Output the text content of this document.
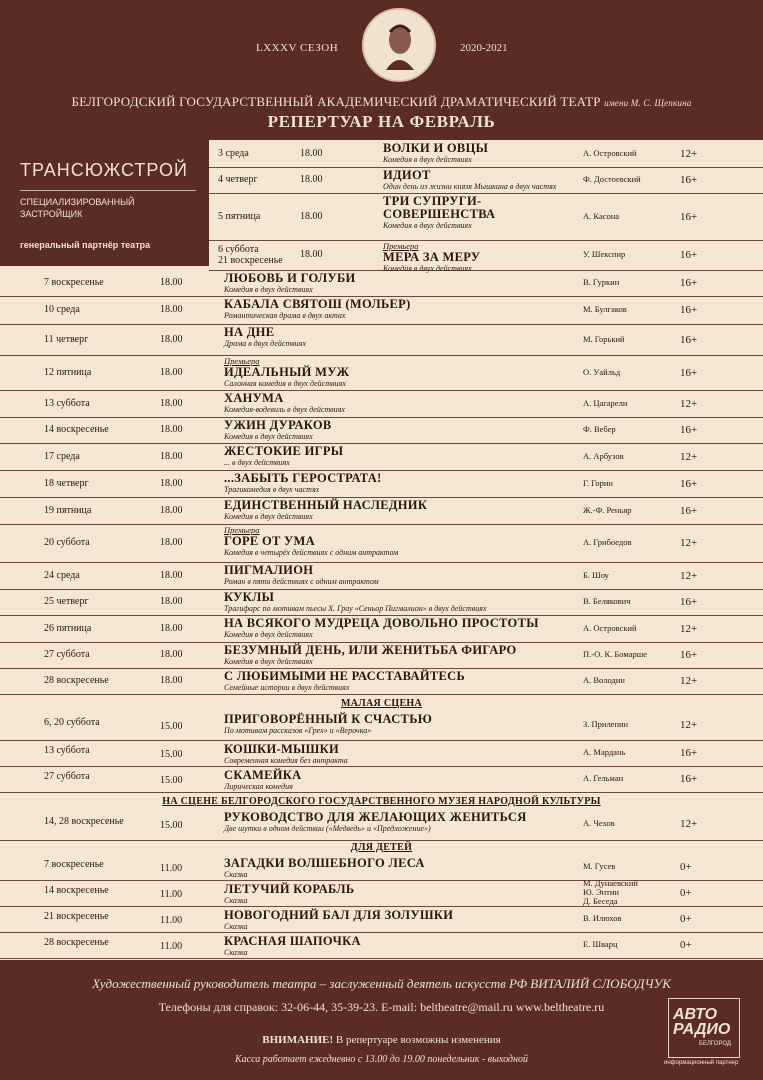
LXXXV СЕЗОН	2020-2021
БЕЛГОРОДСКИЙ ГОСУДАРСТВЕННЫЙ АКАДЕМИЧЕСКИЙ ДРАМАТИЧЕСКИЙ ТЕАТР имени М. С. Щепкина
РЕПЕРТУАР НА ФЕВРАЛЬ
ТРАНСЮЖСТРОЙ
СПЕЦИАЛИЗИРОВАННЫЙ
ЗАСТРОЙЩИК
генеральный партнёр театра
3 среда	18.00	ВОЛКИ И ОВЦЫ
Комедия в двух действиях
А. Островский	12+
4 четверг	18.00	ИДИОТ
Один день из жизни князя Мышкина в двух частях
Ф. Достоевский	16+
5 пятница	18.00
ТРИ СУПРУГИ-СОВЕРШЕНСТВА
Комедия в двух действиях
А. Касона	16+
6 суббота
21 воскресенье
18.00
Премьера
МЕРА ЗА МЕРУ
Комедия в двух действиях
У. Шекспир	16+
7 воскресенье	18.00	ЛЮБОВЬ И ГОЛУБИ
Комедия в двух действиях
В. Гуркин	16+
10 среда	18.00	КАБАЛА СВЯТОШ (МОЛЬЕР)
Романтическая драма в двух актах
М. Булгаков	16+
11 четверг	18.00	НА ДНЕ
Драма в двух действиях	М. Горький	16+
12 пятница	18.00
Премьера
ИДЕАЛЬНЫЙ МУЖ
Салонная комедия в двух действиях
О. Уайльд	16+
13 суббота	18.00	ХАНУМА
Комедия-водевиль в двух действиях
А. Цагарели	12+
14 воскресенье	18.00	УЖИН ДУРАКОВ
Комедия в двух действиях
Ф. Вебер	16+
17 среда	18.00	ЖЕСТОКИЕ ИГРЫ
... в двух действиях
А. Арбузов	12+
18 четверг	18.00	...ЗАБЫТЬ ГЕРОСТРАТА!
Трагикомедия в двух частях
Г. Горин	16+
19 пятница	18.00	ЕДИНСТВЕННЫЙ НАСЛЕДНИК
Комедия в двух действиях
Ж.-Ф. Реньяр	16+
20 суббота	18.00
Премьера
ГОРЕ ОТ УМА
Комедия в четырёх действиях с одним антрактом
А. Грибоедов	12+
24 среда	18.00	ПИГМАЛИОН
Роман в пяти действиях с одним антрактом
Б. Шоу	12+
25 четверг	18.00	КУКЛЫ
Трагифарс по мотивам пьесы Х. Грау «Сеньор Пигмалион» в двух действиях
В. Белякович	16+
26 пятница	18.00	НА ВСЯКОГО МУДРЕЦА ДОВОЛЬНО ПРОСТОТЫ
Комедия в двух действиях
А. Островский	12+
27 суббота	18.00	БЕЗУМНЫЙ ДЕНЬ, ИЛИ ЖЕНИТЬБА ФИГАРО
Комедия в двух действиях
П.-О. К. Бомарше	16+
28 воскресенье	18.00	С ЛЮБИМЫМИ НЕ РАССТАВАЙТЕСЬ
Семейные истории в двух действиях
А. Володин	12+
МАЛАЯ СЦЕНА
6, 20 суббота	15.00
ПРИГОВОРЁННЫЙ К СЧАСТЬЮ
По мотивам рассказов «Грех» и «Верочка»
З. Прилепин	12+
13 суббота	15.00	КОШКИ-МЫШКИ
Современная комедия без антракта
А. Мардань	16+
27 суббота	15.00	СКАМЕЙКА
Лирическая комедия
А. Гельман	16+
НА СЦЕНЕ БЕЛГОРОДСКОГО ГОСУДАРСТВЕННОГО МУЗЕЯ НАРОДНОЙ КУЛЬТУРЫ
14, 28 воскресенье	15.00
РУКОВОДСТВО ДЛЯ ЖЕЛАЮЩИХ ЖЕНИТЬСЯ
Две шутки в одном действии («Медведь» и «Предложение»)
А. Чехов	12+
ДЛЯ ДЕТЕЙ
7 воскресенье	11.00	ЗАГАДКИ ВОЛШЕБНОГО ЛЕСА
Сказка
М. Гусев	0+
14 воскресенье	11.00	ЛЕТУЧИЙ КОРАБЛЬ
Сказка
М. Дунаевский
Ю. Энтин
Д. Беседа
0+
21 воскресенье	11.00	НОВОГОДНИЙ БАЛ ДЛЯ ЗОЛУШКИ
Сказка
В. Илюхов	0+
28 воскресенье	11.00	КРАСНАЯ ШАПОЧКА
Сказка
Е. Шварц	0+
Художественный руководитель театра – заслуженный деятель искусств РФ ВИТАЛИЙ СЛОБОДЧУК
Телефоны для справок: 32-06-44, 35-39-23. E-mail: beltheatre@mail.ru www.beltheatre.ru
ВНИМАНИЕ! В репертуаре возможны изменения
Касса работает ежедневно с 13.00 до 19.00 понедельник - выходной
АВТО РАДИО
БЕЛГОРОД
информационный партнер
